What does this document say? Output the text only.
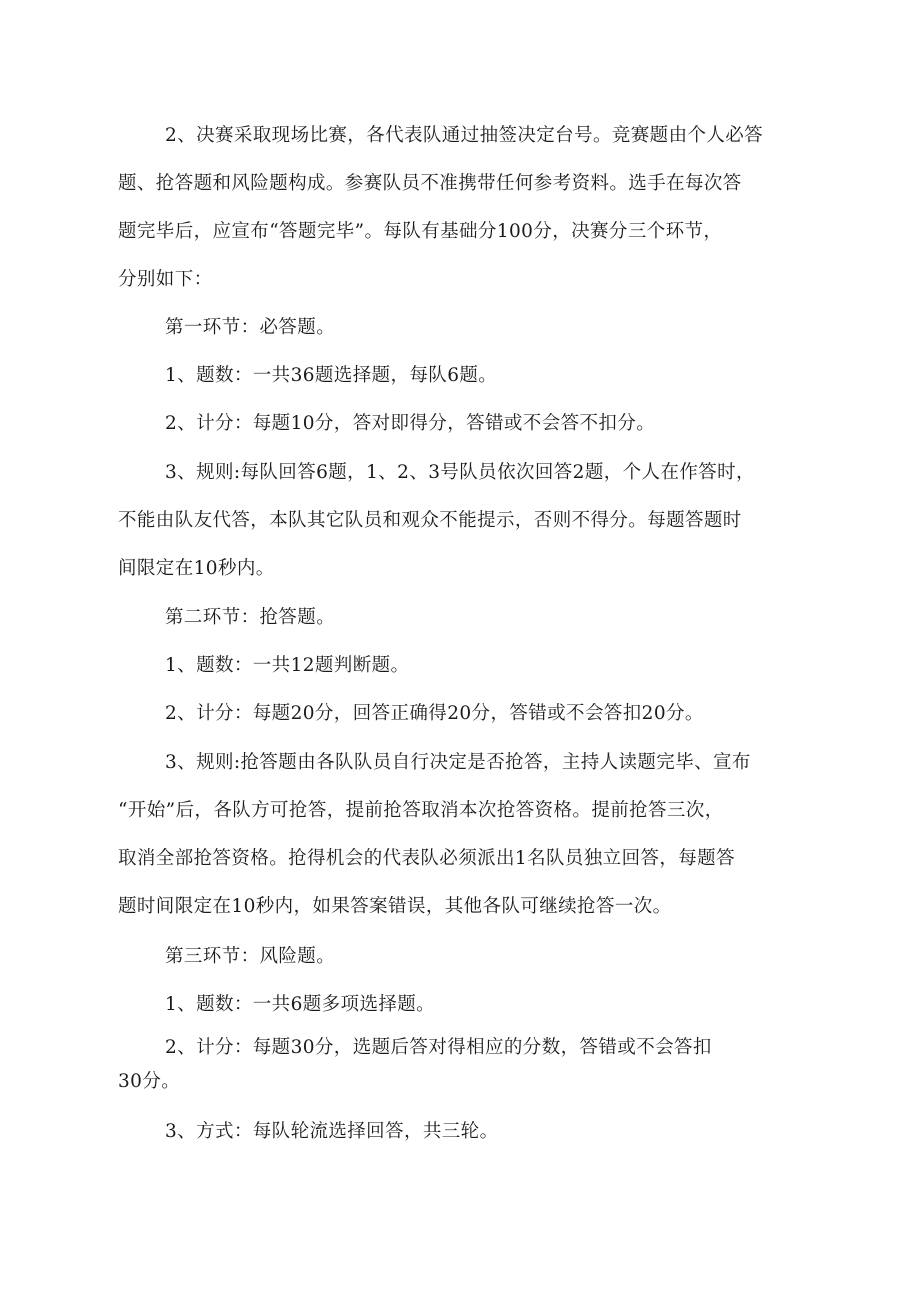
2、决赛采取现场比赛，各代表队通过抽签决定台号。竞赛题由个人必答
题、抢答题和风险题构成。参赛队员不准携带任何参考资料。选手在每次答
题完毕后，应宣布“答题完毕”。每队有基础分100分，决赛分三个环节，
分别如下：

第一环节：必答题。

1、题数：一共36题选择题，每队6题。

2、计分：每题10分，答对即得分，答错或不会答不扣分。

3、规则:每队回答6题，1、2、3号队员依次回答2题，个人在作答时，
不能由队友代答，本队其它队员和观众不能提示，否则不得分。每题答题时
间限定在10秒内。

第二环节：抢答题。

1、题数：一共12题判断题。

2、计分：每题20分，回答正确得20分，答错或不会答扣20分。

3、规则:抢答题由各队队员自行决定是否抢答，主持人读题完毕、宣布
“开始”后，各队方可抢答，提前抢答取消本次抢答资格。提前抢答三次，
取消全部抢答资格。抢得机会的代表队必须派出1名队员独立回答，每题答
题时间限定在10秒内，如果答案错误，其他各队可继续抢答一次。

第三环节：风险题。

1、题数：一共6题多项选择题。

2、计分：每题30分，选题后答对得相应的分数，答错或不会答扣
30分。

3、方式：每队轮流选择回答，共三轮。
